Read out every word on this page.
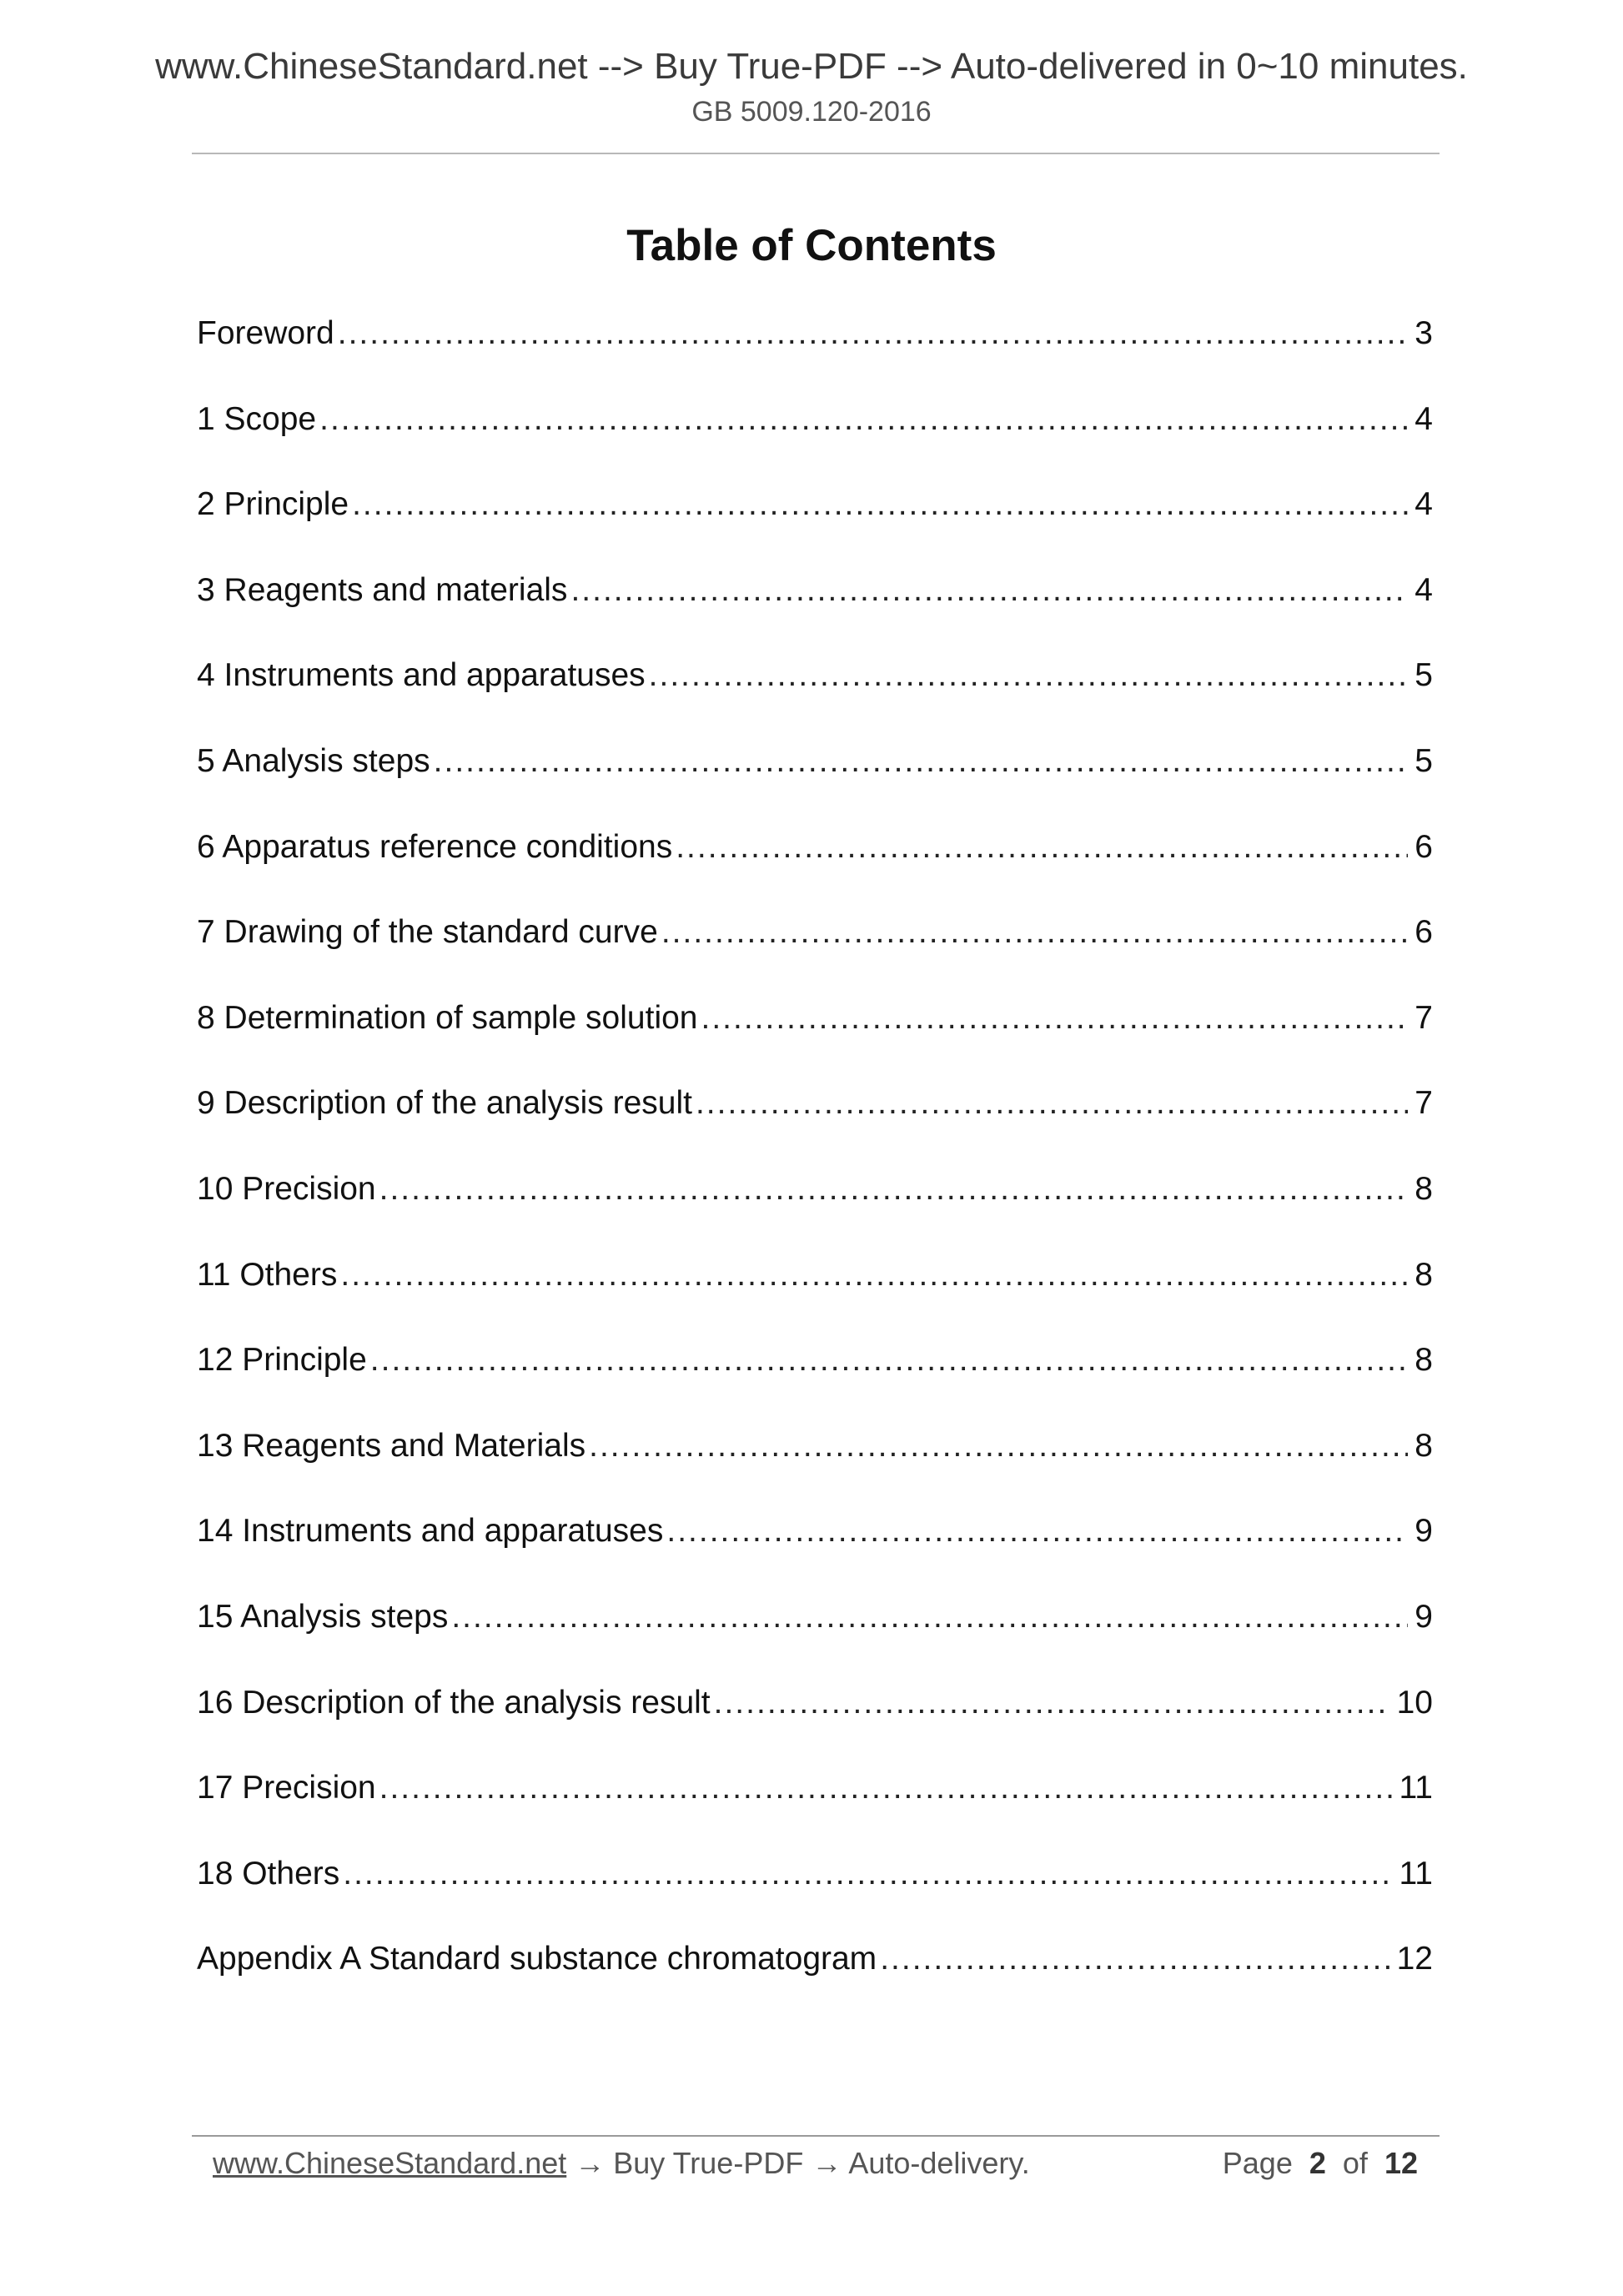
www.ChineseStandard.net --> Buy True-PDF --> Auto-delivered in 0~10 minutes.
GB 5009.120-2016
Table of Contents
Foreword .....	3
1 Scope .....	4
2 Principle .....	4
3 Reagents and materials .....	4
4 Instruments and apparatuses .....	5
5 Analysis steps .....	5
6 Apparatus reference conditions .....	6
7 Drawing of the standard curve .....	6
8 Determination of sample solution .....	7
9 Description of the analysis result .....	7
10 Precision .....	8
11 Others .....	8
12 Principle .....	8
13 Reagents and Materials .....	8
14 Instruments and apparatuses .....	9
15 Analysis steps .....	9
16 Description of the analysis result .....	10
17 Precision .....	11
18 Others .....	11
Appendix A Standard substance chromatogram .....	12
www.ChineseStandard.net → Buy True-PDF → Auto-delivery.	Page 2 of 12
